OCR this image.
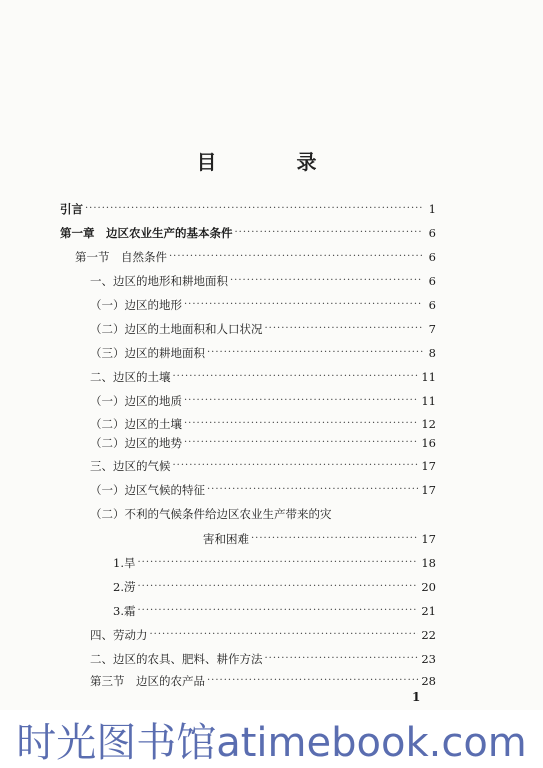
目　录
引言 ·····	1
第一章　边区农业生产的基本条件 ·····	6
第一节　自然条件 ·····	6
一、边区的地形和耕地面积 ·····	6
（一）边区的地形 ·····	6
（二）边区的土地面积和人口状况 ·····	7
（三）边区的耕地面积 ·····	8
二、边区的土壤 ·····	11
（一）边区的地质 ·····	11
（二）边区的土壤 ·····	12
（二）边区的地势 ·····	16
三、边区的气候 ·····	17
（一）边区气候的特征 ·····	17
（二）不利的气候条件给边区农业生产带来的灾
害和困难 ·····	17
1.旱 ·····	18
2.涝 ·····	20
3.霜 ·····	21
四、劳动力 ·····	22
二、边区的农具、肥料、耕作方法 ·····	23
第三节　边区的农产品 ·····	28
1
时光图书馆atimebook.com
